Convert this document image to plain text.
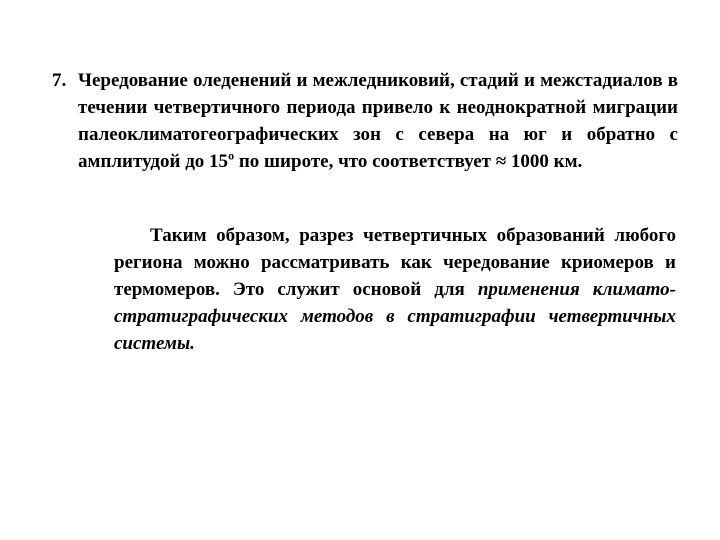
7. Чередование оледенений и межледниковий, стадий и межстадиалов в течении четвертичного периода привело к неоднократной миграции палеоклиматогеографических зон с севера на юг и обратно с амплитудой до 15$^o$ по широте, что соответствует ≈ 1000 км.
Таким образом, разрез четвертичных образований любого региона можно рассматривать как чередование криомеров и термомеров. Это служит основой для применения климато-стратиграфических методов в стратиграфии четвертичных системы.
